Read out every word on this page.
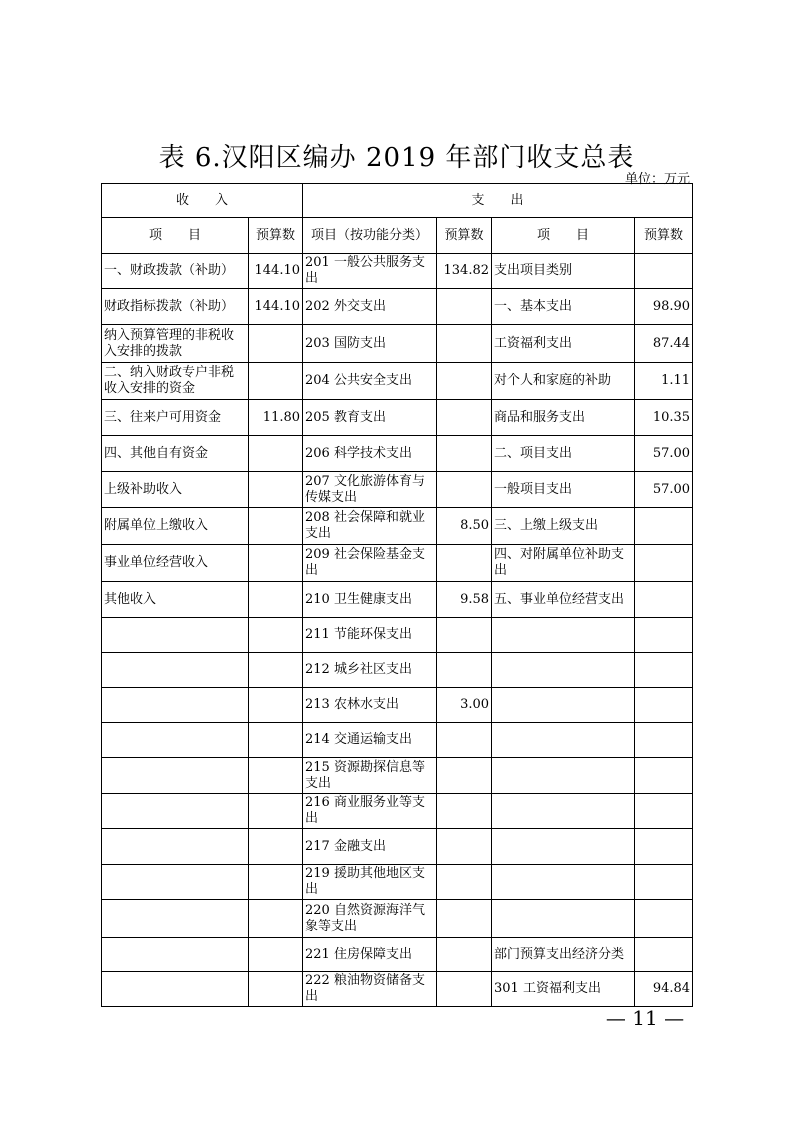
表 6.汉阳区编办 2019 年部门收支总表
单位：万元
收　　入		支　　出			
项　　目	预算数	项目（按功能分类）	预算数	项　　目	预算数
一、财政拨款（补助）	144.10	201 一般公共服务支出	134.82	支出项目类别	
财政指标拨款（补助）	144.10	202 外交支出		一、基本支出	98.90
纳入预算管理的非税收入安排的拨款		203 国防支出		工资福利支出	87.44
二、纳入财政专户非税收入安排的资金		204 公共安全支出		对个人和家庭的补助	1.11
三、往来户可用资金	11.80	205 教育支出		商品和服务支出	10.35
四、其他自有资金		206 科学技术支出		二、项目支出	57.00
上级补助收入		207 文化旅游体育与传媒支出		一般项目支出	57.00
附属单位上缴收入		208 社会保障和就业支出	8.50	三、上缴上级支出	
事业单位经营收入		209 社会保险基金支出		四、对附属单位补助支出	
其他收入		210 卫生健康支出	9.58	五、事业单位经营支出	
		211 节能环保支出			
		212 城乡社区支出			
		213 农林水支出	3.00		
		214 交通运输支出			
		215 资源勘探信息等支出			
		216 商业服务业等支出			
		217 金融支出			
		219 援助其他地区支出			
		220 自然资源海洋气象等支出			
		221 住房保障支出		部门预算支出经济分类	
		222 粮油物资储备支出		301 工资福利支出	94.84
— 11 —
